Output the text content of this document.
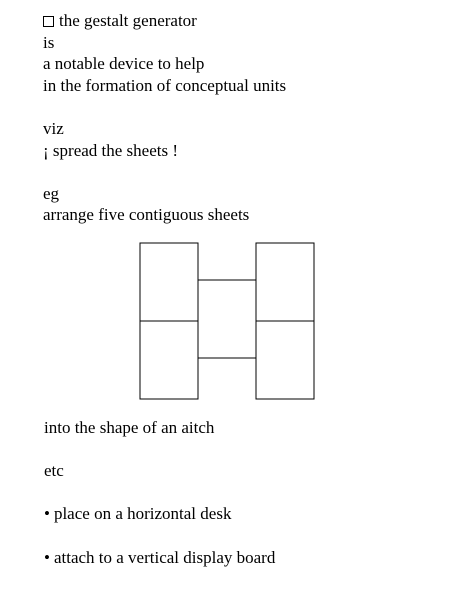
the gestalt generator
is
a notable device to help
in the formation of conceptual units
viz
¡ spread the sheets !
eg
arrange five contiguous sheets
into the shape of an aitch
etc
• place on a horizontal desk
• attach to a vertical display board
